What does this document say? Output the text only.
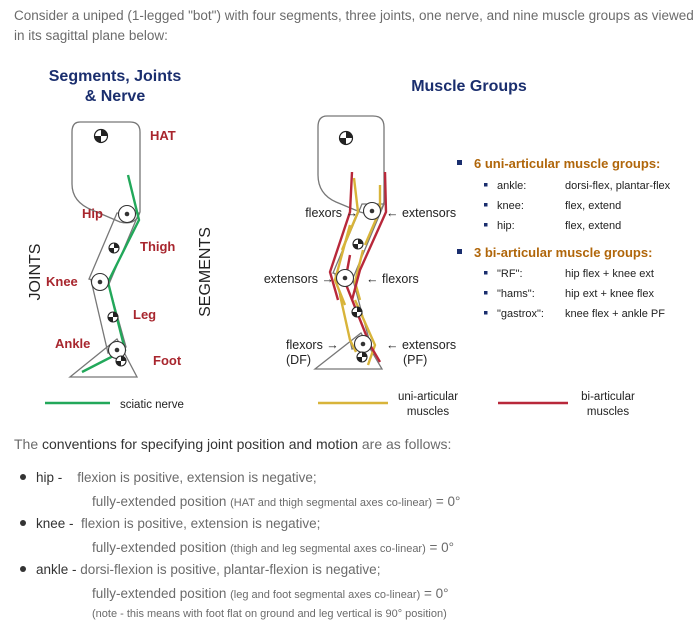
Consider a uniped (1-legged "bot") with four segments, three joints, one nerve, and nine muscle groups as viewed in its sagittal plane below:
Segments, Joints
& Nerve
HAT
Hip
Thigh
Knee
Leg
Ankle
Foot
JOINTS	SEGMENTS
sciatic nerve
flexors → ← extensors
extensors →	← flexors
flexors →
(DF)
← extensors
(PF)
uni-articular
muscles
bi-articular
muscles
Muscle Groups
6 uni-articular muscle groups:
ankle:	dorsi-flex, plantar-flex
knee:	flex, extend
hip:	flex, extend
3 bi-articular muscle groups:
"RF":	hip flex + knee ext
"hams":	hip ext + knee flex
"gastrox": knee flex + ankle PF
The conventions for specifying joint position and motion are as follows:
hip - flexion is positive, extension is negative;
fully-extended position (HAT and thigh segmental axes co-linear) = 0°
knee - flexion is positive, extension is negative;
fully-extended position (thigh and leg segmental axes co-linear) = 0°
ankle - dorsi-flexion is positive, plantar-flexion is negative;
fully-extended position (leg and foot segmental axes co-linear) = 0°
(note - this means with foot flat on ground and leg vertical is 90° position)
